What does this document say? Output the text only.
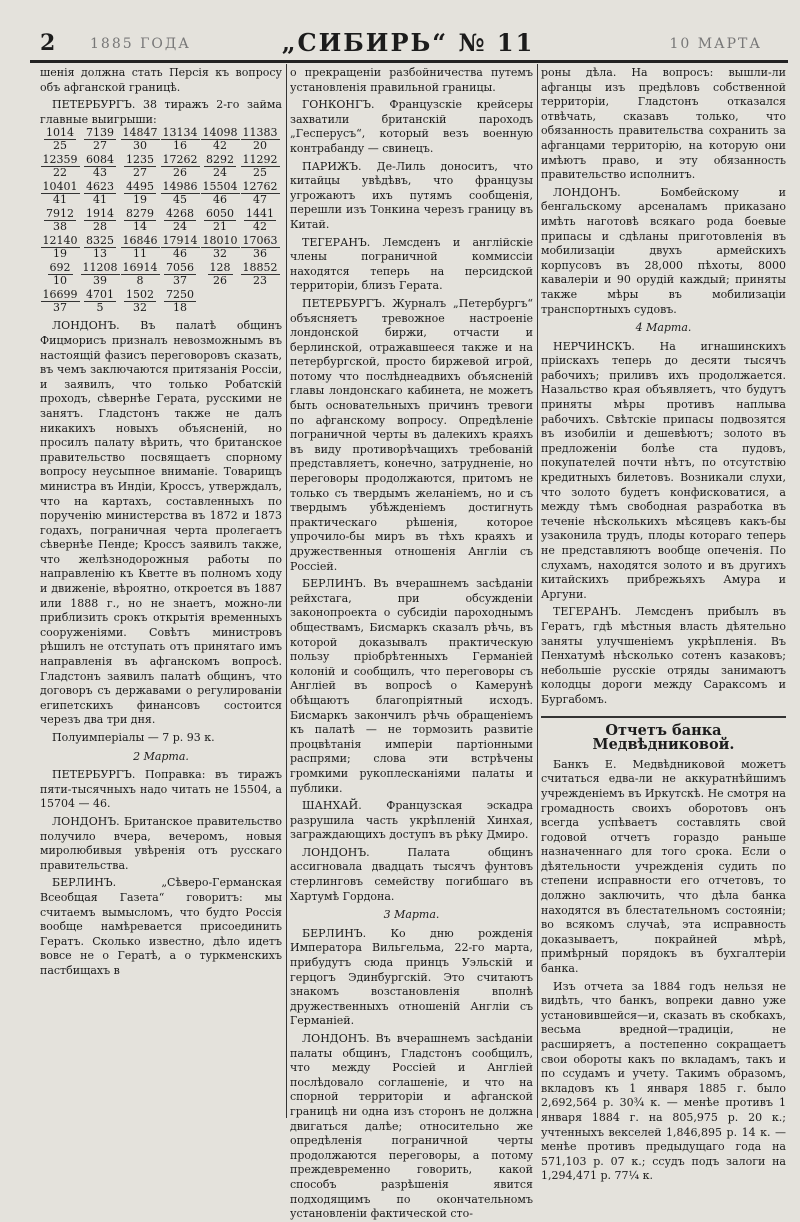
2 1885 ГОДА	„СИБИРЬ“ № 11	10 МАРТА

шенія должна стать Персія къ вопросу объ афганской границѣ.

ПЕТЕРБУРГЪ. 38 тиражъ 2-го займа главные выигрыши:
1014
25
7139
27
14847
30
13134
16
14098
42
11383
20
12359
22
6084
43
1235
27
17262
26
8292
24
11292
25
10401
41
4623
41
4495
19
14986
45
15504
46
12762
47
7912
38
1914
28
8279
14
4268
24
6050
21
1441
42
12140
19
8325
13
16846
11
17914
46
18010
32
17063
36
692
10
11208
39
16914
8
7056
37
128
26
18852
23
16699
37
4701
5
1502
32
7250
18

ЛОНДОНЪ. Въ палатѣ общинъ Фицморисъ призналъ невозможнымъ въ настоящій фазисъ переговоровъ сказать, въ чемъ заключаются притязанія Россіи, и заявилъ, что только Робатскій проходъ, сѣвернѣе Герата, русскими не занятъ. Гладстонъ также не далъ никакихъ новыхъ объясненій, но просилъ палату вѣрить, что британское правительство посвящаетъ спорному вопросу неусыпное вниманіе. Товарищъ министра въ Индіи, Кроссъ, утверждалъ, что на картахъ, составленныхъ по порученію министерства въ 1872 и 1873 годахъ, пограничная черта пролегаетъ сѣвернѣе Пенде; Кроссъ заявилъ также, что желѣзнодорожныя работы по направленію къ Кветте въ полномъ ходу и движеніе, вѣроятно, откроется въ 1887 или 1888 г., но не знаетъ, можно-ли приблизить срокъ открытія временныхъ сооруженіями. Совѣтъ министровъ рѣшилъ не отступать отъ принятаго имъ направленія въ афганскомъ вопросѣ. Гладстонъ заявилъ палатѣ общинъ, что договоръ съ державами о регулированіи египетскихъ финансовъ состоится черезъ два три дня.

Полуимперіалы — 7 р. 93 к.

2 Марта.

ПЕТЕРБУРГЪ. Поправка: въ тиражъ пяти-тысячныхъ надо читать не 15504, а 15704 — 46.

ЛОНДОНЪ. Британское правительство получило вчера, вечеромъ, новыя миролюбивыя увѣренія отъ русскаго правительства.

БЕРЛИНЪ. „Сѣверо-Германская Всеобщая Газета“ говоритъ: мы считаемъ вымысломъ, что будто Россія вообще намѣревается присоединить Гератъ. Сколько известно, дѣло идетъ вовсе не о Гератѣ, а о туркменскихъ пастбищахъ в

о прекращеніи разбойничества путемъ установленія правильной границы.

ГОНКОНГЪ. Французскіе крейсеры захватили британскій пароходъ „Гесперусъ“, который везъ военную контрабанду — свинецъ.

ПАРИЖЪ. Де-Лиль доноситъ, что китайцы увѣдѣвъ, что французы угрожаютъ ихъ путямъ сообщенія, перешли изъ Тонкина черезъ границу въ Китай.

ТЕГЕРАНЪ. Лемсденъ и англійскіе члены пограничной коммиссіи находятся теперь на персидской территоріи, близъ Герата.

ПЕТЕРБУРГЪ. Журналъ „Петербургъ“ объясняетъ тревожное настроеніе лондонской биржи, отчасти и берлинской, отражавшееся также и на петербургской, просто биржевой игрой, потому что послѣднеадвихъ объясненій главы лондонскаго кабинета, не можетъ быть основательныхъ причинъ тревоги по афганскому вопросу. Опредѣленіе пограничной черты въ далекихъ краяхъ въ виду противорѣчащихъ требованій представляетъ, конечно, затрудненіе, но переговоры продолжаются, притомъ не только съ твердымъ желаніемъ, но и съ твердымъ убѣжденіемъ достигнуть практическаго рѣшенія, которое упрочило-бы миръ въ тѣхъ краяхъ и дружественныя отношенія Англіи съ Россіей.

БЕРЛИНЪ. Въ вчерашнемъ засѣданіи рейхстага, при обсужденіи законопроекта о субсидіи пароходнымъ обществамъ, Бисмаркъ сказалъ рѣчь, въ которой доказывалъ практическую пользу пріобрѣтенныхъ Германіей колоній и сообщилъ, что переговоры съ Англіей въ вопросѣ о Камерунѣ обѣщаютъ благопріятный исходъ. Бисмаркъ закончилъ рѣчь обращеніемъ къ палатѣ — не тормозить развитіе процвѣтанія имперіи партіонными распрями; слова эти встрѣчены громкими рукоплесканіями палаты и публики.

ШАНХАЙ. Французская эскадра разрушила часть укрѣпленій Хинхая, заграждающихъ доступъ въ рѣку Дмиро.

ЛОНДОНЪ. Палата общинъ ассигновала двадцать тысячъ фунтовъ стерлинговъ семейству погибшаго въ Хартумѣ Гордона.

3 Марта.

БЕРЛИНЪ. Ко дню рожденія Императора Вильгельма, 22-го марта, прибудутъ сюда принцъ Уэльскій и герцогъ Эдинбургскій. Это считаютъ знакомъ возстановленія вполнѣ дружественныхъ отношеній Англіи съ Германіей.

ЛОНДОНЪ. Въ вчерашнемъ засѣданіи палаты общинъ, Гладстонъ сообщилъ, что между Россіей и Англіей послѣдовало соглашеніе, и что на спорной территоріи и афганской границѣ ни одна изъ сторонъ не должна двигаться далѣе; относительно же опредѣленія пограничной черты продолжаются переговоры, а потому преждевременно говорить, какой способъ разрѣшенія явится подходящимъ по окончательномъ установленіи фактической сто-

роны дѣла. На вопросъ: вышли-ли афганцы изъ предѣловъ собственной территоріи, Гладстонъ отказался отвѣчать, сказавъ только, что обязанность правительства сохранить за афганцами территорію, на которую они имѣютъ право, и эту обязанность правительство исполнитъ.

ЛОНДОНЪ. Бомбейскому и бенгальскому арсеналамъ приказано имѣть наготовѣ всякаго рода боевые припасы и сдѣланы приготовленія въ мобилизаціи двухъ армейскихъ корпусовъ въ 28,000 пѣхоты, 8000 кавалеріи и 90 орудій каждый; приняты также мѣры въ мобилизаціи транспортныхъ судовъ.

4 Марта.

НЕРЧИНСКЪ. На игнашинскихъ пріискахъ теперь до десяти тысячъ рабочихъ; приливъ ихъ продолжается. Назальство края объявляетъ, что будутъ приняты мѣры противъ наплыва рабочихъ. Свѣтскіе припасы подвозятся въ изобиліи и дешевѣютъ; золото въ предложеніи болѣе ста пудовъ, покупателей почти нѣтъ, по отсутствію кредитныхъ билетовъ. Возникали слухи, что золото будетъ конфисковатися, а между тѣмъ свободная разработка въ теченіе нѣсколькихъ мѣсяцевъ какъ-бы узаконила трудъ, плоды котораго теперь не представляютъ вообще опеченія. По слухамъ, находятся золото и въ другихъ китайскихъ прибрежьяхъ Амура и Аргуни.

ТЕГЕРАНЪ. Лемсденъ прибылъ въ Гератъ, гдѣ мѣстныя власть дѣятельно заняты улучшеніемъ укрѣпленія. Въ Пенхатумѣ нѣсколько сотенъ казаковъ; небольшіе русскіе отряды занимаютъ колодцы дороги между Сараксомъ и Бургабомъ.

Отчетъ банка Медвѣдниковой.

Банкъ Е. Медвѣдниковой можетъ считаться едва-ли не аккуратнѣйшимъ учрежденіемъ въ Иркутскѣ. Не смотря на громадность своихъ оборотовъ онъ всегда успѣваетъ составлять свой годовой отчетъ гораздо раньше назначеннаго для того срока. Если о дѣятельности учрежденія судить по степени исправности его отчетовъ, то должно заключить, что дѣла банка находятся въ блестательномъ состояніи; во всякомъ случаѣ, эта исправность доказываетъ, покрайней мѣрѣ, примѣрный порядокъ въ бухгалтеріи банка.

Изъ отчета за 1884 годъ нельзя не видѣть, что банкъ, вопреки давно уже установившейся—и, сказать въ скобкахъ, весьма вредной—традиціи, не расширяетъ, а постепенно сокращаетъ свои обороты какъ по вкладамъ, такъ и по ссудамъ и учету. Такимъ образомъ, вкладовъ къ 1 января 1885 г. было 2,692,564 р. 30¾ к. — менѣе противъ 1 января 1884 г. на 805,975 р. 20 к.; учтенныхъ векселей 1,846,895 р. 14 к. — менѣе противъ предыдущаго года на 571,103 р. 07 к.; ссудъ подъ залоги на 1,294,471 р. 77¼ к.
